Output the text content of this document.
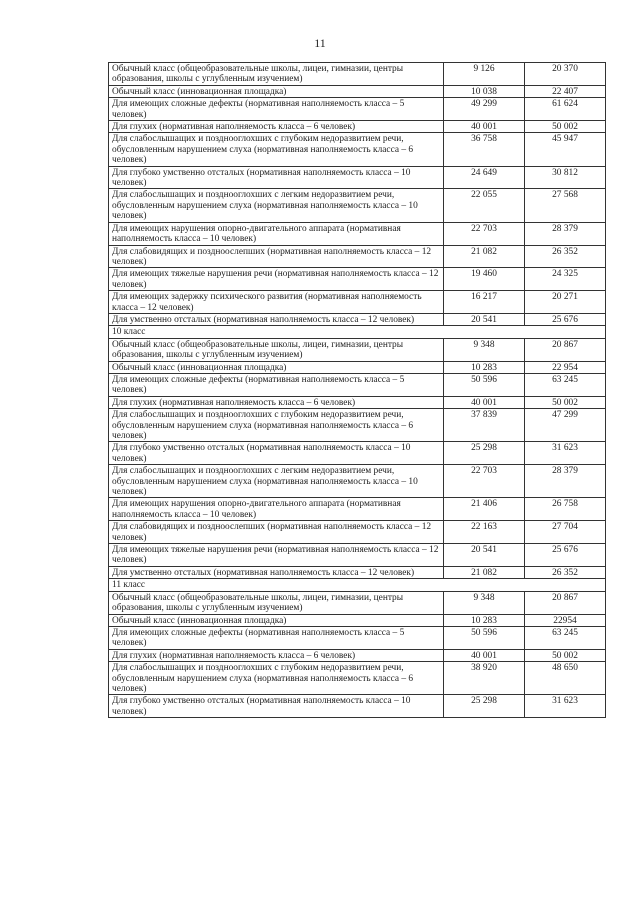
11
Обычный класс (общеобразовательные школы, лицеи, гимназии, центры образования, школы с углубленным изучением)	9 126	20 370
Обычный класс (инновационная площадка)	10 038	22 407
Для имеющих сложные дефекты (нормативная наполняемость класса – 5 человек)	49 299	61 624
Для глухих (нормативная наполняемость класса – 6 человек)	40 001	50 002
Для слабослышащих и позднооглохших с глубоким недоразвитием речи, обусловленным нарушением слуха (нормативная наполняемость класса – 6 человек)	36 758	45 947
Для глубоко умственно отсталых (нормативная наполняемость класса – 10 человек)	24 649	30 812
Для слабослышащих и позднооглохших с легким недоразвитием речи, обусловленным нарушением слуха (нормативная наполняемость класса – 10 человек)	22 055	27 568
Для имеющих нарушения опорно-двигательного аппарата (нормативная наполняемость класса – 10 человек)	22 703	28 379
Для слабовидящих и поздноослепших (нормативная наполняемость класса – 12 человек)	21 082	26 352
Для имеющих тяжелые нарушения речи (нормативная наполняемость класса – 12 человек)	19 460	24 325
Для имеющих задержку психического развития (нормативная наполняемость класса – 12 человек)	16 217	20 271
Для умственно отсталых (нормативная наполняемость класса – 12 человек)	20 541	25 676
10 класс		
Обычный класс (общеобразовательные школы, лицеи, гимназии, центры образования, школы с углубленным изучением)	9 348	20 867
Обычный класс (инновационная площадка)	10 283	22 954
Для имеющих сложные дефекты (нормативная наполняемость класса – 5 человек)	50 596	63 245
Для глухих (нормативная наполняемость класса – 6 человек)	40 001	50 002
Для слабослышащих и позднооглохших с глубоким недоразвитием речи, обусловленным нарушением слуха (нормативная наполняемость класса – 6 человек)	37 839	47 299
Для глубоко умственно отсталых (нормативная наполняемость класса – 10 человек)	25 298	31 623
Для слабослышащих и позднооглохших с легким недоразвитием речи, обусловленным нарушением слуха (нормативная наполняемость класса – 10 человек)	22 703	28 379
Для имеющих нарушения опорно-двигательного аппарата (нормативная наполняемость класса – 10 человек)	21 406	26 758
Для слабовидящих и поздноослепших (нормативная наполняемость класса – 12 человек)	22 163	27 704
Для имеющих тяжелые нарушения речи (нормативная наполняемость класса – 12 человек)	20 541	25 676
Для умственно отсталых (нормативная наполняемость класса – 12 человек)	21 082	26 352
11 класс		
Обычный класс (общеобразовательные школы, лицеи, гимназии, центры образования, школы с углубленным изучением)	9 348	20 867
Обычный класс (инновационная площадка)	10 283	22954
Для имеющих сложные дефекты (нормативная наполняемость класса – 5 человек)	50 596	63 245
Для глухих (нормативная наполняемость класса – 6 человек)	40 001	50 002
Для слабослышащих и позднооглохших с глубоким недоразвитием речи, обусловленным нарушением слуха (нормативная наполняемость класса – 6 человек)	38 920	48 650
Для глубоко умственно отсталых (нормативная наполняемость класса – 10 человек)	25 298	31 623
